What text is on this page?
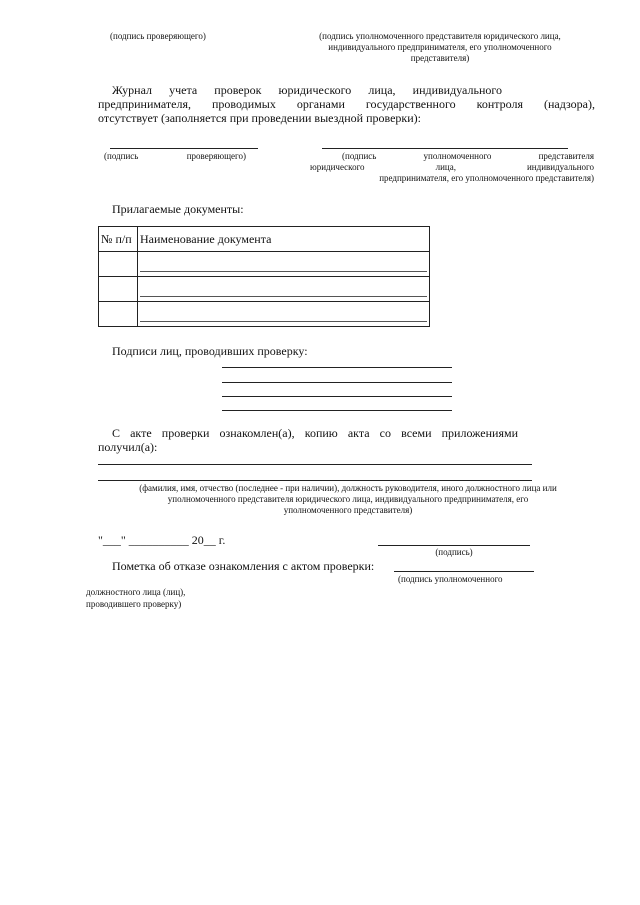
(подпись проверяющего)	(подпись уполномоченного представителя юридического лица,
индивидуального предпринимателя, его уполномоченного
представителя)
Журнал учета проверок юридического лица, индивидуального
предпринимателя, проводимых органами государственного контроля (надзора),
отсутствует (заполняется при проведении выездной проверки):
(подпись проверяющего)	(подпись уполномоченного представителя
юридического лица, индивидуального
предпринимателя, его уполномоченного представителя)
Прилагаемые документы:
№ п/п	Наименование документа

Подписи лиц, проводивших проверку:
С акте проверки ознакомлен(а), копию акта со всеми приложениями
получил(а):
(фамилия, имя, отчество (последнее - при наличии), должность руководителя, иного должностного лица или
уполномоченного представителя юридического лица, индивидуального предпринимателя, его
уполномоченного представителя)
"___" __________ 20__ г.
(подпись)
Пометка об отказе ознакомления с актом проверки:
(подпись уполномоченного
должностного лица (лиц),
проводившего проверку)
